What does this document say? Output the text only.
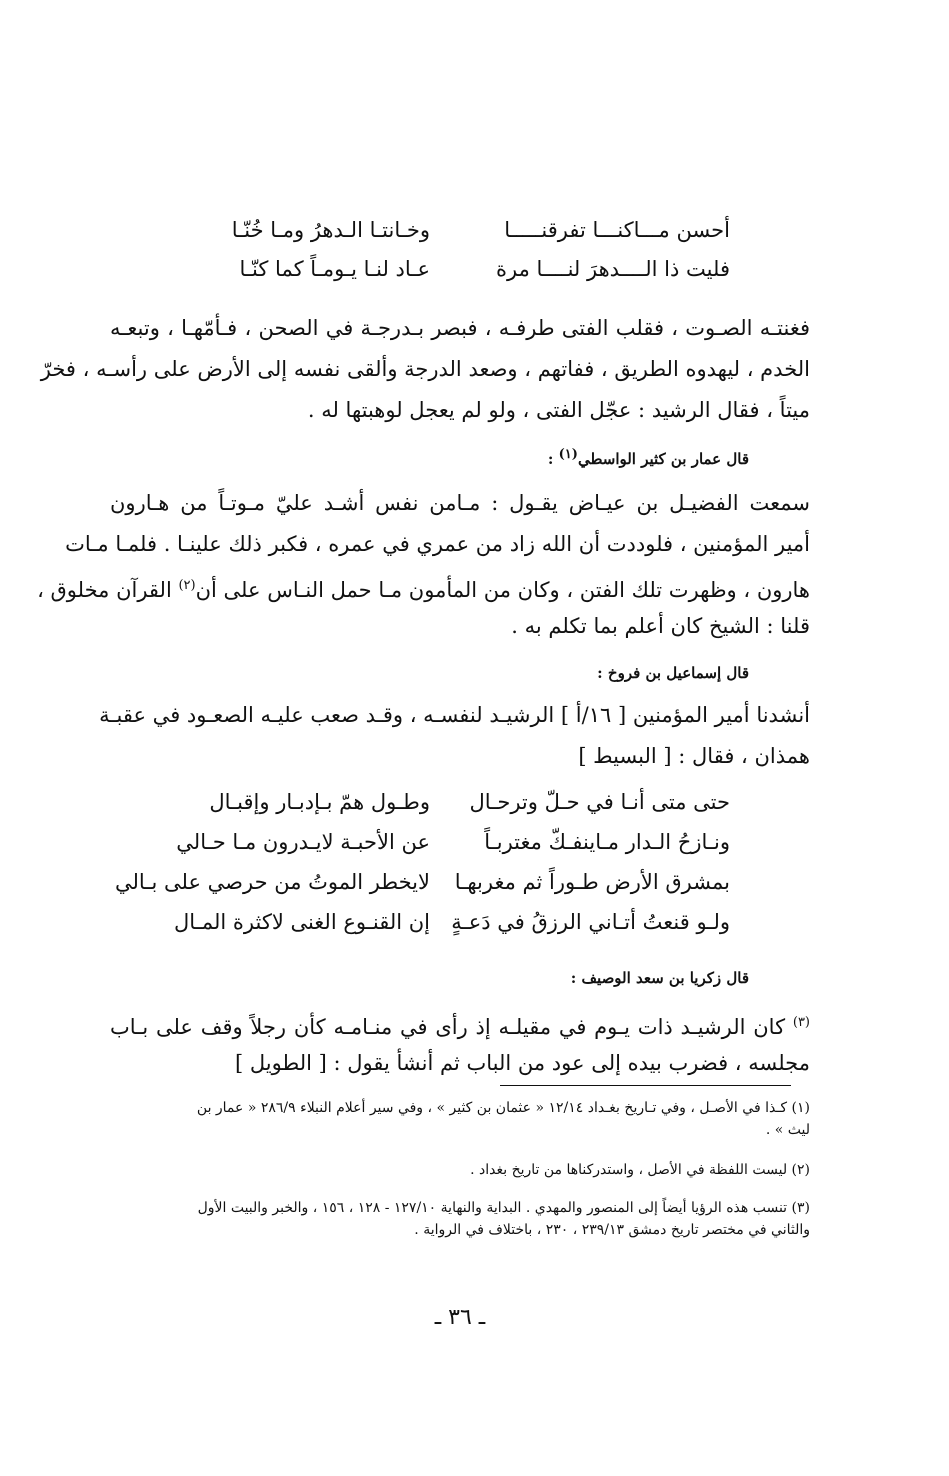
أحسن مـــاكنـــا تفرقنـــــا
وخـانتـا الـدهرُ ومـا خُنّـا
فليت ذا الــــدهرَ لنــــا مرة
عـاد لنـا يـومـاً كما كنّـا
فغنتـه الصـوت ، فقلب الفتى طرفـه ، فبصر بـدرجـة في الصحن ، فـأمّهـا ، وتبعـه
الخدم ، ليهدوه الطريق ، ففاتهم ، وصعد الدرجة وألقى نفسه إلى الأرض على رأسـه ، فخرّ
ميتاً ، فقال الرشيد : عجّل الفتى ، ولو لم يعجل لوهبتها له .
قال عمار بن كثير الواسطي$^{(١)}$ :
سمعت الفضيـل بن عيـاض يقـول : مـامن نفس أشـد عليّ مـوتـاً من هـارون
أمير المؤمنين ، فلوددت أن الله زاد من عمري في عمره ، فكبر ذلك علينـا . فلمـا مـات
هارون ، وظهرت تلك الفتن ، وكان من المأمون مـا حمل النـاس على أن$^{(٢)}$ القرآن مخلوق ،
قلنا : الشيخ كان أعلم بما تكلم به .
قال إسماعيل بن فروخ :
أنشدنا أمير المؤمنين [ ١٦/أ ] الرشيـد لنفسـه ، وقـد صعب عليـه الصعـود في عقبـة
همذان ، فقال : [ البسيط ]
حتى متى أنـا في حـلّ وترحـال
وطـول همّ بـإدبـار وإقبـال
ونـازحُ الـدار مـاينفـكّ مغتربـاً
عن الأحبـة لايـدرون مـا حـالي
بمشرق الأرض طـوراً ثم مغربهـا
لايخطر الموتُ من حرصي على بـالي
ولـو قنعتُ أتـاني الرزقُ في دَعـةٍ
إن القنـوع الغنى لاكثرة المـال
قال زكريا بن سعد الوصيف :
$^{(٣)}$ كان الرشيـد ذات يـوم في مقيلـه إذ رأى في منـامـه كأن رجلاً وقف على بـاب
مجلسه ، فضرب بيده إلى عود من الباب ثم أنشأ يقول : [ الطويل ]
(١) كـذا في الأصـل ، وفي تـاريخ بغـداد ١٢/١٤ « عثمان بن كثير » ، وفي سير أعلام النبلاء ٢٨٦/٩ « عمار بن
ليث » .
(٢) ليست اللفظة في الأصل ، واستدركناها من تاريخ بغداد .
(٣) تنسب هذه الرؤيا أيضاً إلى المنصور والمهدي . البداية والنهاية ١٢٧/١٠ - ١٢٨ ، ١٥٦ ، والخبر والبيت الأول
والثاني في مختصر تاريخ دمشق ٢٣٩/١٣ ، ٢٣٠ ، باختلاف في الرواية .
ـ ٣٦ ـ
